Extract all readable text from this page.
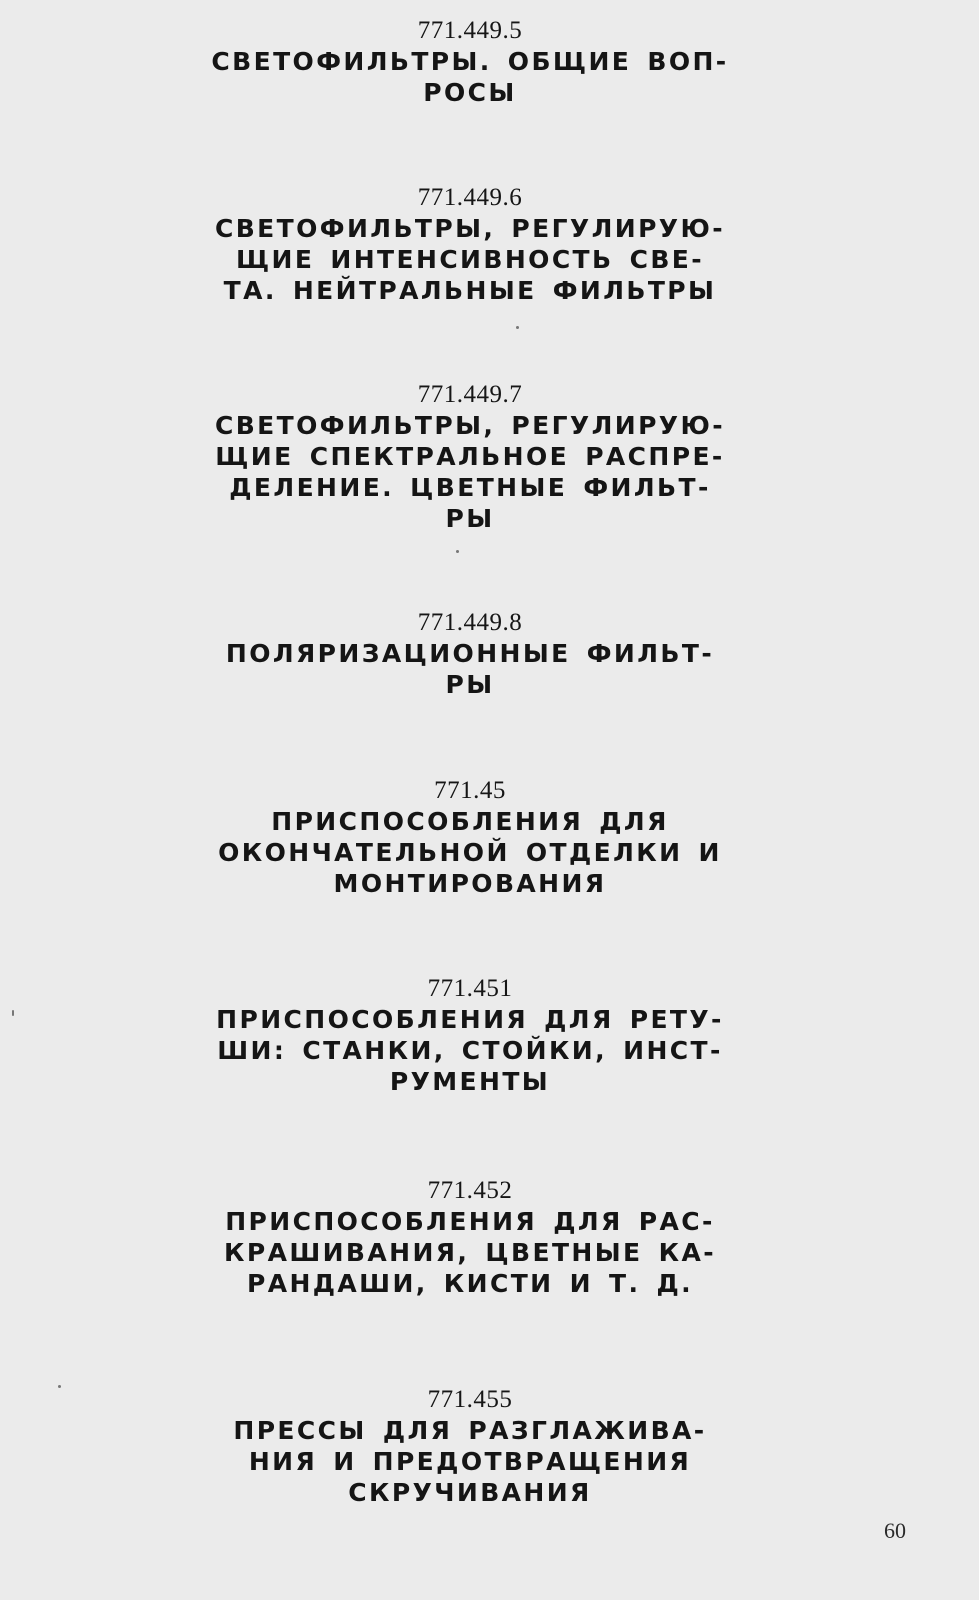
771.449.5
СВЕТОФИЛЬТРЫ. ОБЩИЕ ВОП-
РОСЫ
771.449.6
СВЕТОФИЛЬТРЫ, РЕГУЛИРУЮ-
ЩИЕ ИНТЕНСИВНОСТЬ СВЕ-
ТА. НЕЙТРАЛЬНЫЕ ФИЛЬТРЫ
771.449.7
СВЕТОФИЛЬТРЫ, РЕГУЛИРУЮ-
ЩИЕ СПЕКТРАЛЬНОЕ РАСПРЕ-
ДЕЛЕНИЕ. ЦВЕТНЫЕ ФИЛЬТ-
РЫ
771.449.8
ПОЛЯРИЗАЦИОННЫЕ ФИЛЬТ-
РЫ
771.45
ПРИСПОСОБЛЕНИЯ ДЛЯ
ОКОНЧАТЕЛЬНОЙ ОТДЕЛКИ И
МОНТИРОВАНИЯ
771.451
ПРИСПОСОБЛЕНИЯ ДЛЯ РЕТУ-
ШИ: СТАНКИ, СТОЙКИ, ИНСТ-
РУМЕНТЫ
771.452
ПРИСПОСОБЛЕНИЯ ДЛЯ РАС-
КРАШИВАНИЯ, ЦВЕТНЫЕ КА-
РАНДАШИ, КИСТИ И Т. Д.
771.455
ПРЕССЫ ДЛЯ РАЗГЛАЖИВА-
НИЯ И ПРЕДОТВРАЩЕНИЯ
СКРУЧИВАНИЯ
60
